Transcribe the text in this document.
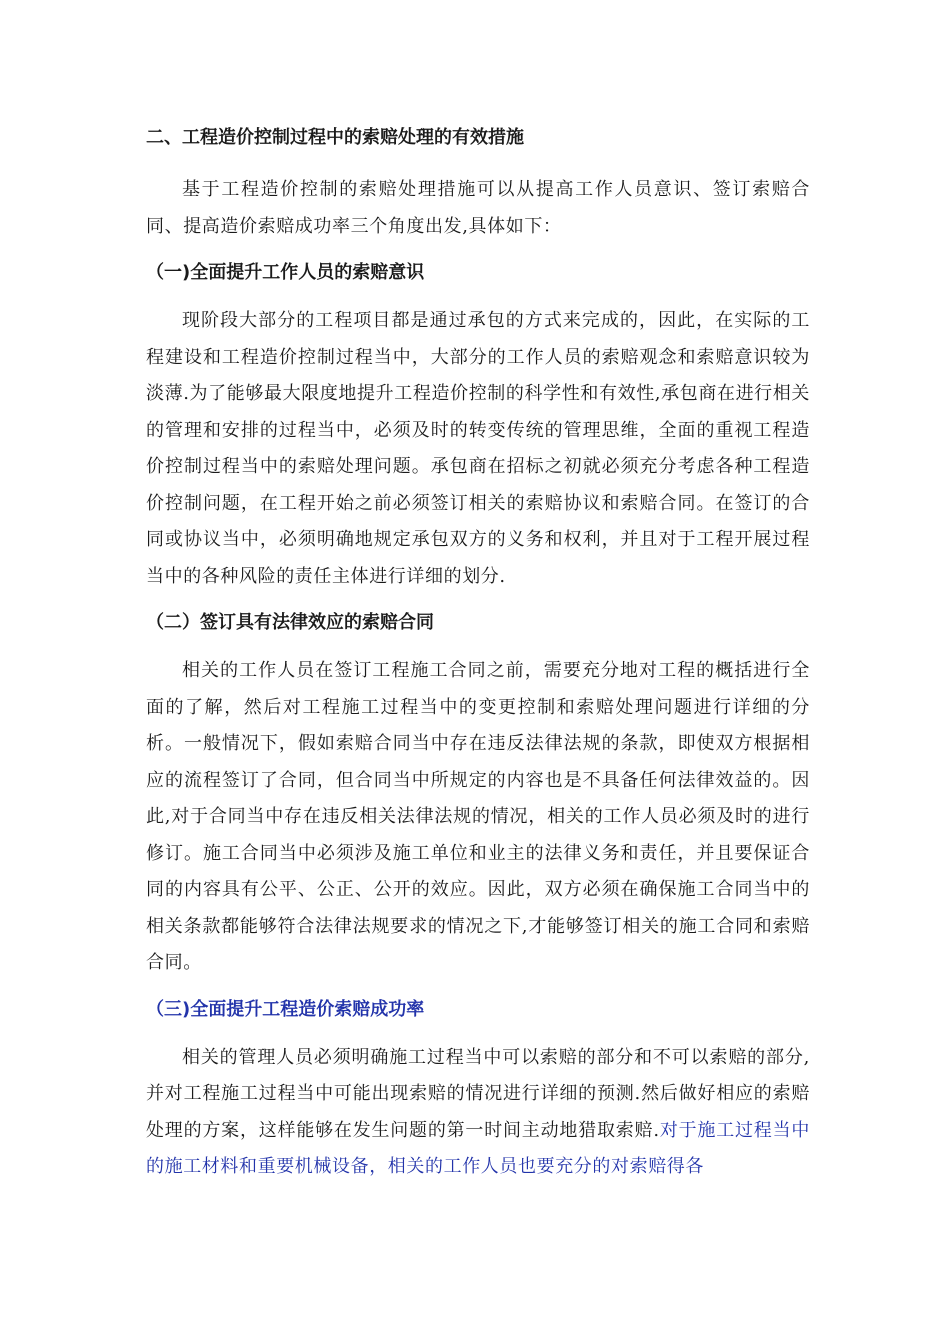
二、工程造价控制过程中的索赔处理的有效措施

基于工程造价控制的索赔处理措施可以从提高工作人员意识、签订索赔合同、提高造价索赔成功率三个角度出发,具体如下：

（一)全面提升工作人员的索赔意识

现阶段大部分的工程项目都是通过承包的方式来完成的，因此，在实际的工程建设和工程造价控制过程当中，大部分的工作人员的索赔观念和索赔意识较为淡薄.为了能够最大限度地提升工程造价控制的科学性和有效性,承包商在进行相关的管理和安排的过程当中，必须及时的转变传统的管理思维，全面的重视工程造价控制过程当中的索赔处理问题。承包商在招标之初就必须充分考虑各种工程造价控制问题，在工程开始之前必须签订相关的索赔协议和索赔合同。在签订的合同或协议当中，必须明确地规定承包双方的义务和权利，并且对于工程开展过程当中的各种风险的责任主体进行详细的划分.

（二）签订具有法律效应的索赔合同

相关的工作人员在签订工程施工合同之前，需要充分地对工程的概括进行全面的了解，然后对工程施工过程当中的变更控制和索赔处理问题进行详细的分析。一般情况下，假如索赔合同当中存在违反法律法规的条款，即使双方根据相应的流程签订了合同，但合同当中所规定的内容也是不具备任何法律效益的。因此,对于合同当中存在违反相关法律法规的情况，相关的工作人员必须及时的进行修订。施工合同当中必须涉及施工单位和业主的法律义务和责任，并且要保证合同的内容具有公平、公正、公开的效应。因此，双方必须在确保施工合同当中的相关条款都能够符合法律法规要求的情况之下,才能够签订相关的施工合同和索赔合同。

（三)全面提升工程造价索赔成功率

相关的管理人员必须明确施工过程当中可以索赔的部分和不可以索赔的部分,并对工程施工过程当中可能出现索赔的情况进行详细的预测.然后做好相应的索赔处理的方案，这样能够在发生问题的第一时间主动地猎取索赔.对于施工过程当中的施工材料和重要机械设备，相关的工作人员也要充分的对索赔得各
